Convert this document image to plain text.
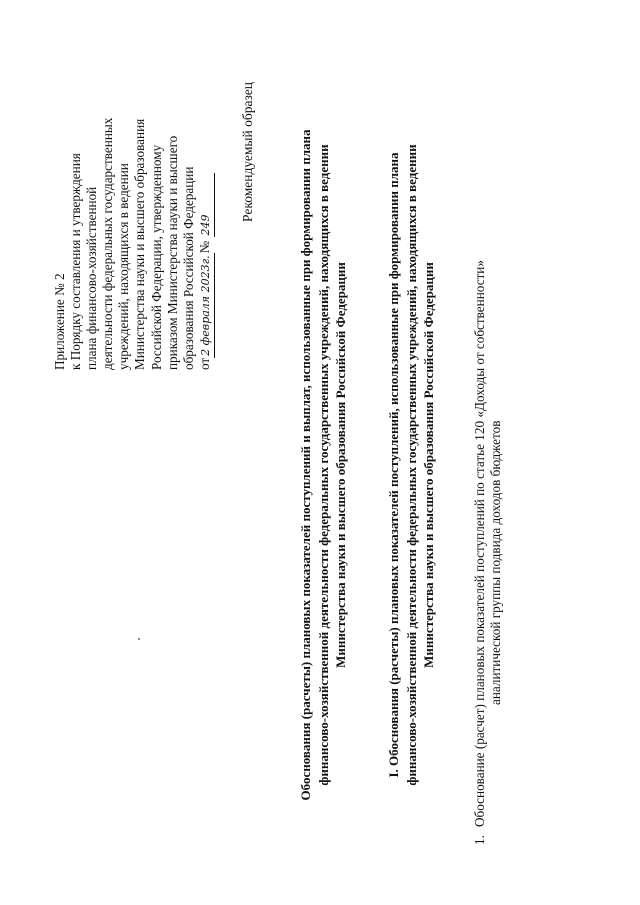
Приложение № 2 к Порядку составления и утверждения плана финансово-хозяйственной деятельности федеральных государственных учреждений, находящихся в ведении Министерства науки и высшего образования Российской Федерации, утвержденному приказом Министерства науки и высшего образования Российской Федерации от2 февраля 2023г.№ 249
Рекомендуемый образец	Обоснования (расчеты) плановых показателей поступлений и выплат, использованные при формировании плана финансово-хозяйственной деятельности федеральных государственных учреждений, находящихся в ведении Министерства науки и высшего образования Российской Федерации	I. Обоснования (расчеты) плановых показателей поступлений, использованные при формировании плана финансово-хозяйственной деятельности федеральных государственных учреждений, находящихся в ведении Министерства науки и высшего образования Российской Федерации
1.
Обоснование (расчет) плановых показателей поступлений по статье 120 «Доходы от собственности» аналитической группы подвида доходов бюджетов
